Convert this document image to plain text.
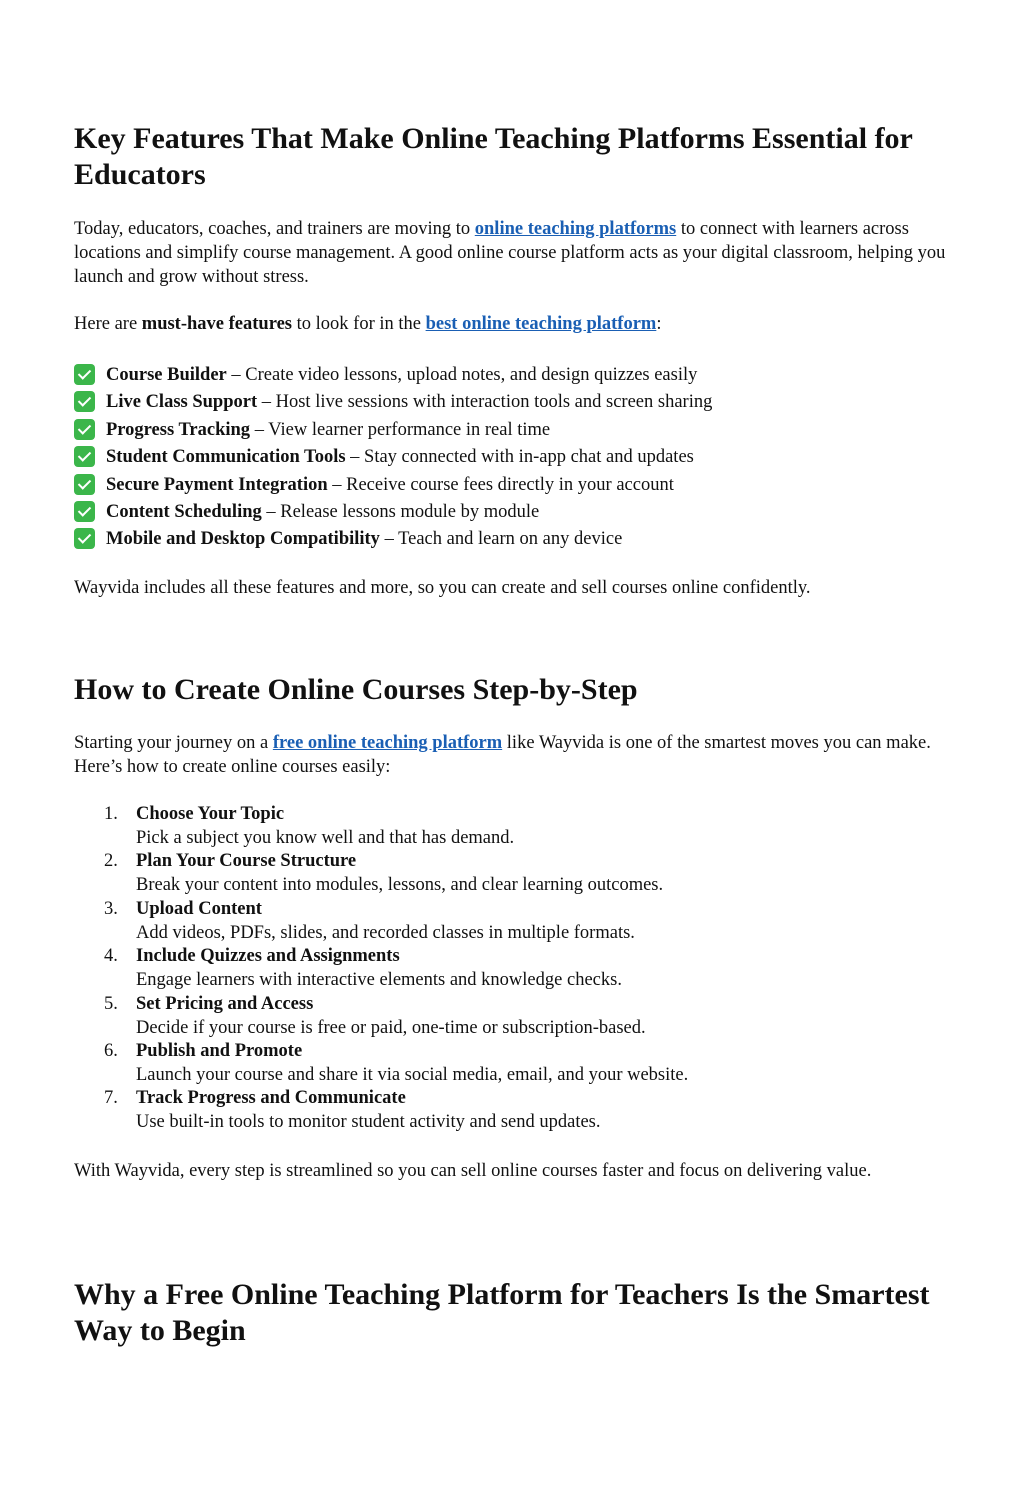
Key Features That Make Online Teaching Platforms Essential for Educators

Today, educators, coaches, and trainers are moving to online teaching platforms to connect with learners across locations and simplify course management. A good online course platform acts as your digital classroom, helping you launch and grow without stress.

Here are must-have features to look for in the best online teaching platform:

Course Builder – Create video lessons, upload notes, and design quizzes easily
Live Class Support – Host live sessions with interaction tools and screen sharing
Progress Tracking – View learner performance in real time
Student Communication Tools – Stay connected with in-app chat and updates
Secure Payment Integration – Receive course fees directly in your account
Content Scheduling – Release lessons module by module
Mobile and Desktop Compatibility – Teach and learn on any device

Wayvida includes all these features and more, so you can create and sell courses online confidently.

How to Create Online Courses Step-by-Step

Starting your journey on a free online teaching platform like Wayvida is one of the smartest moves you can make. Here’s how to create online courses easily:

1. Choose Your Topic
Pick a subject you know well and that has demand.
2. Plan Your Course Structure
Break your content into modules, lessons, and clear learning outcomes.
3. Upload Content
Add videos, PDFs, slides, and recorded classes in multiple formats.
4. Include Quizzes and Assignments
Engage learners with interactive elements and knowledge checks.
5. Set Pricing and Access
Decide if your course is free or paid, one-time or subscription-based.
6. Publish and Promote
Launch your course and share it via social media, email, and your website.
7. Track Progress and Communicate
Use built-in tools to monitor student activity and send updates.

With Wayvida, every step is streamlined so you can sell online courses faster and focus on delivering value.

Why a Free Online Teaching Platform for Teachers Is the Smartest Way to Begin
